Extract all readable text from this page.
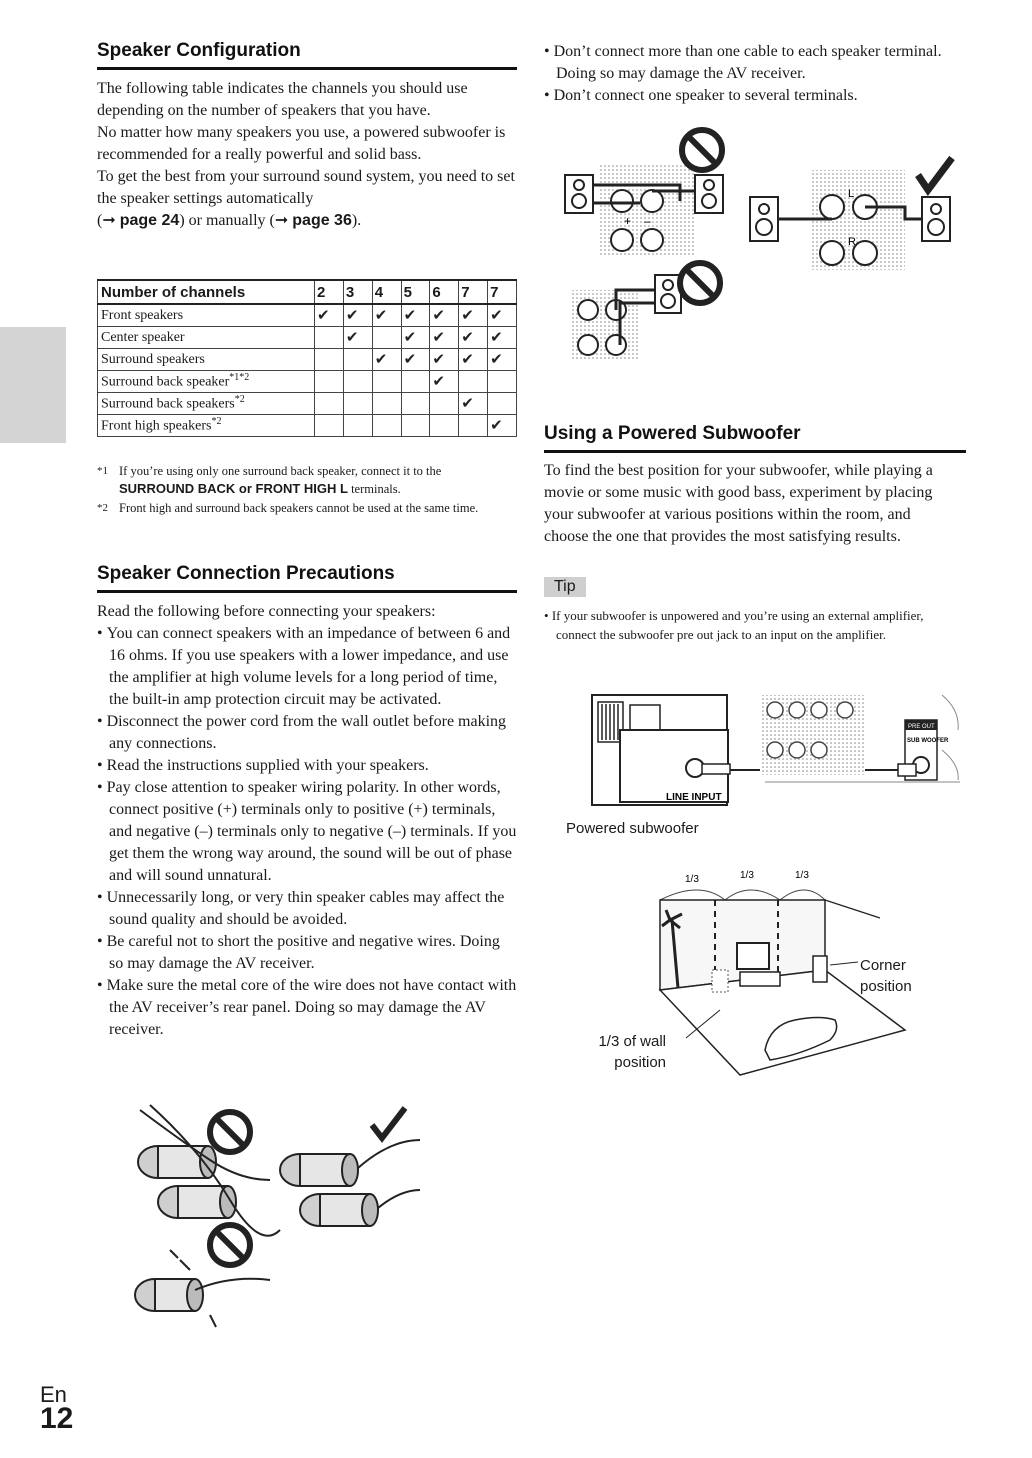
Speaker Configuration

The following table indicates the channels you should use depending on the number of speakers that you have.

No matter how many speakers you use, a powered subwoofer is recommended for a really powerful and solid bass.

To get the best from your surround sound system, you need to set the speaker settings automatically

(➞ page 24) or manually (➞ page 36).

Number of channels	2	3	4	5	6	7	7
Front speakers	✔	✔	✔	✔	✔	✔	✔
Center speaker		✔		✔	✔	✔	✔
Surround speakers			✔	✔	✔	✔	✔
Surround back speaker$^{*1*2}$					✔		
Surround back speakers$^{*2}$						✔	
Front high speakers$^{*2}$							✔
*1 If you’re using only one surround back speaker, connect it to the SURROUND BACK or FRONT HIGH L terminals.
*2 Front high and surround back speakers cannot be used at the same time.
Speaker Connection Precautions

Read the following before connecting your speakers:

• You can connect speakers with an impedance of between 6 and 16 ohms. If you use speakers with a lower impedance, and use the amplifier at high volume levels for a long period of time, the built-in amp protection circuit may be activated.

• Disconnect the power cord from the wall outlet before making any connections.

• Read the instructions supplied with your speakers.

• Pay close attention to speaker wiring polarity. In other words, connect positive (+) terminals only to positive (+) terminals, and negative (–) terminals only to negative (–) terminals. If you get them the wrong way around, the sound will be out of phase and will sound unnatural.

• Unnecessarily long, or very thin speaker cables may affect the sound quality and should be avoided.

• Be careful not to short the positive and negative wires. Doing so may damage the AV receiver.

• Make sure the metal core of the wire does not have contact with the AV receiver’s rear panel. Doing so may damage the AV receiver.

En
12

• Don’t connect more than one cable to each speaker terminal. Doing so may damage the AV receiver.

• Don’t connect one speaker to several terminals.

+ –
L
R
Using a Powered Subwoofer
To find the best position for your subwoofer, while playing a movie or some music with good bass, experiment by placing your subwoofer at various positions within the room, and choose the one that provides the most satisfying results.
Tip

• If your subwoofer is unpowered and you’re using an external amplifier, connect the subwoofer pre out jack to an input on the amplifier.

LINE INPUT
PRE OUT
SUB WOOFER
Powered subwoofer
1/3	1/3	1/3
Corner
position
1/3 of wall
position
